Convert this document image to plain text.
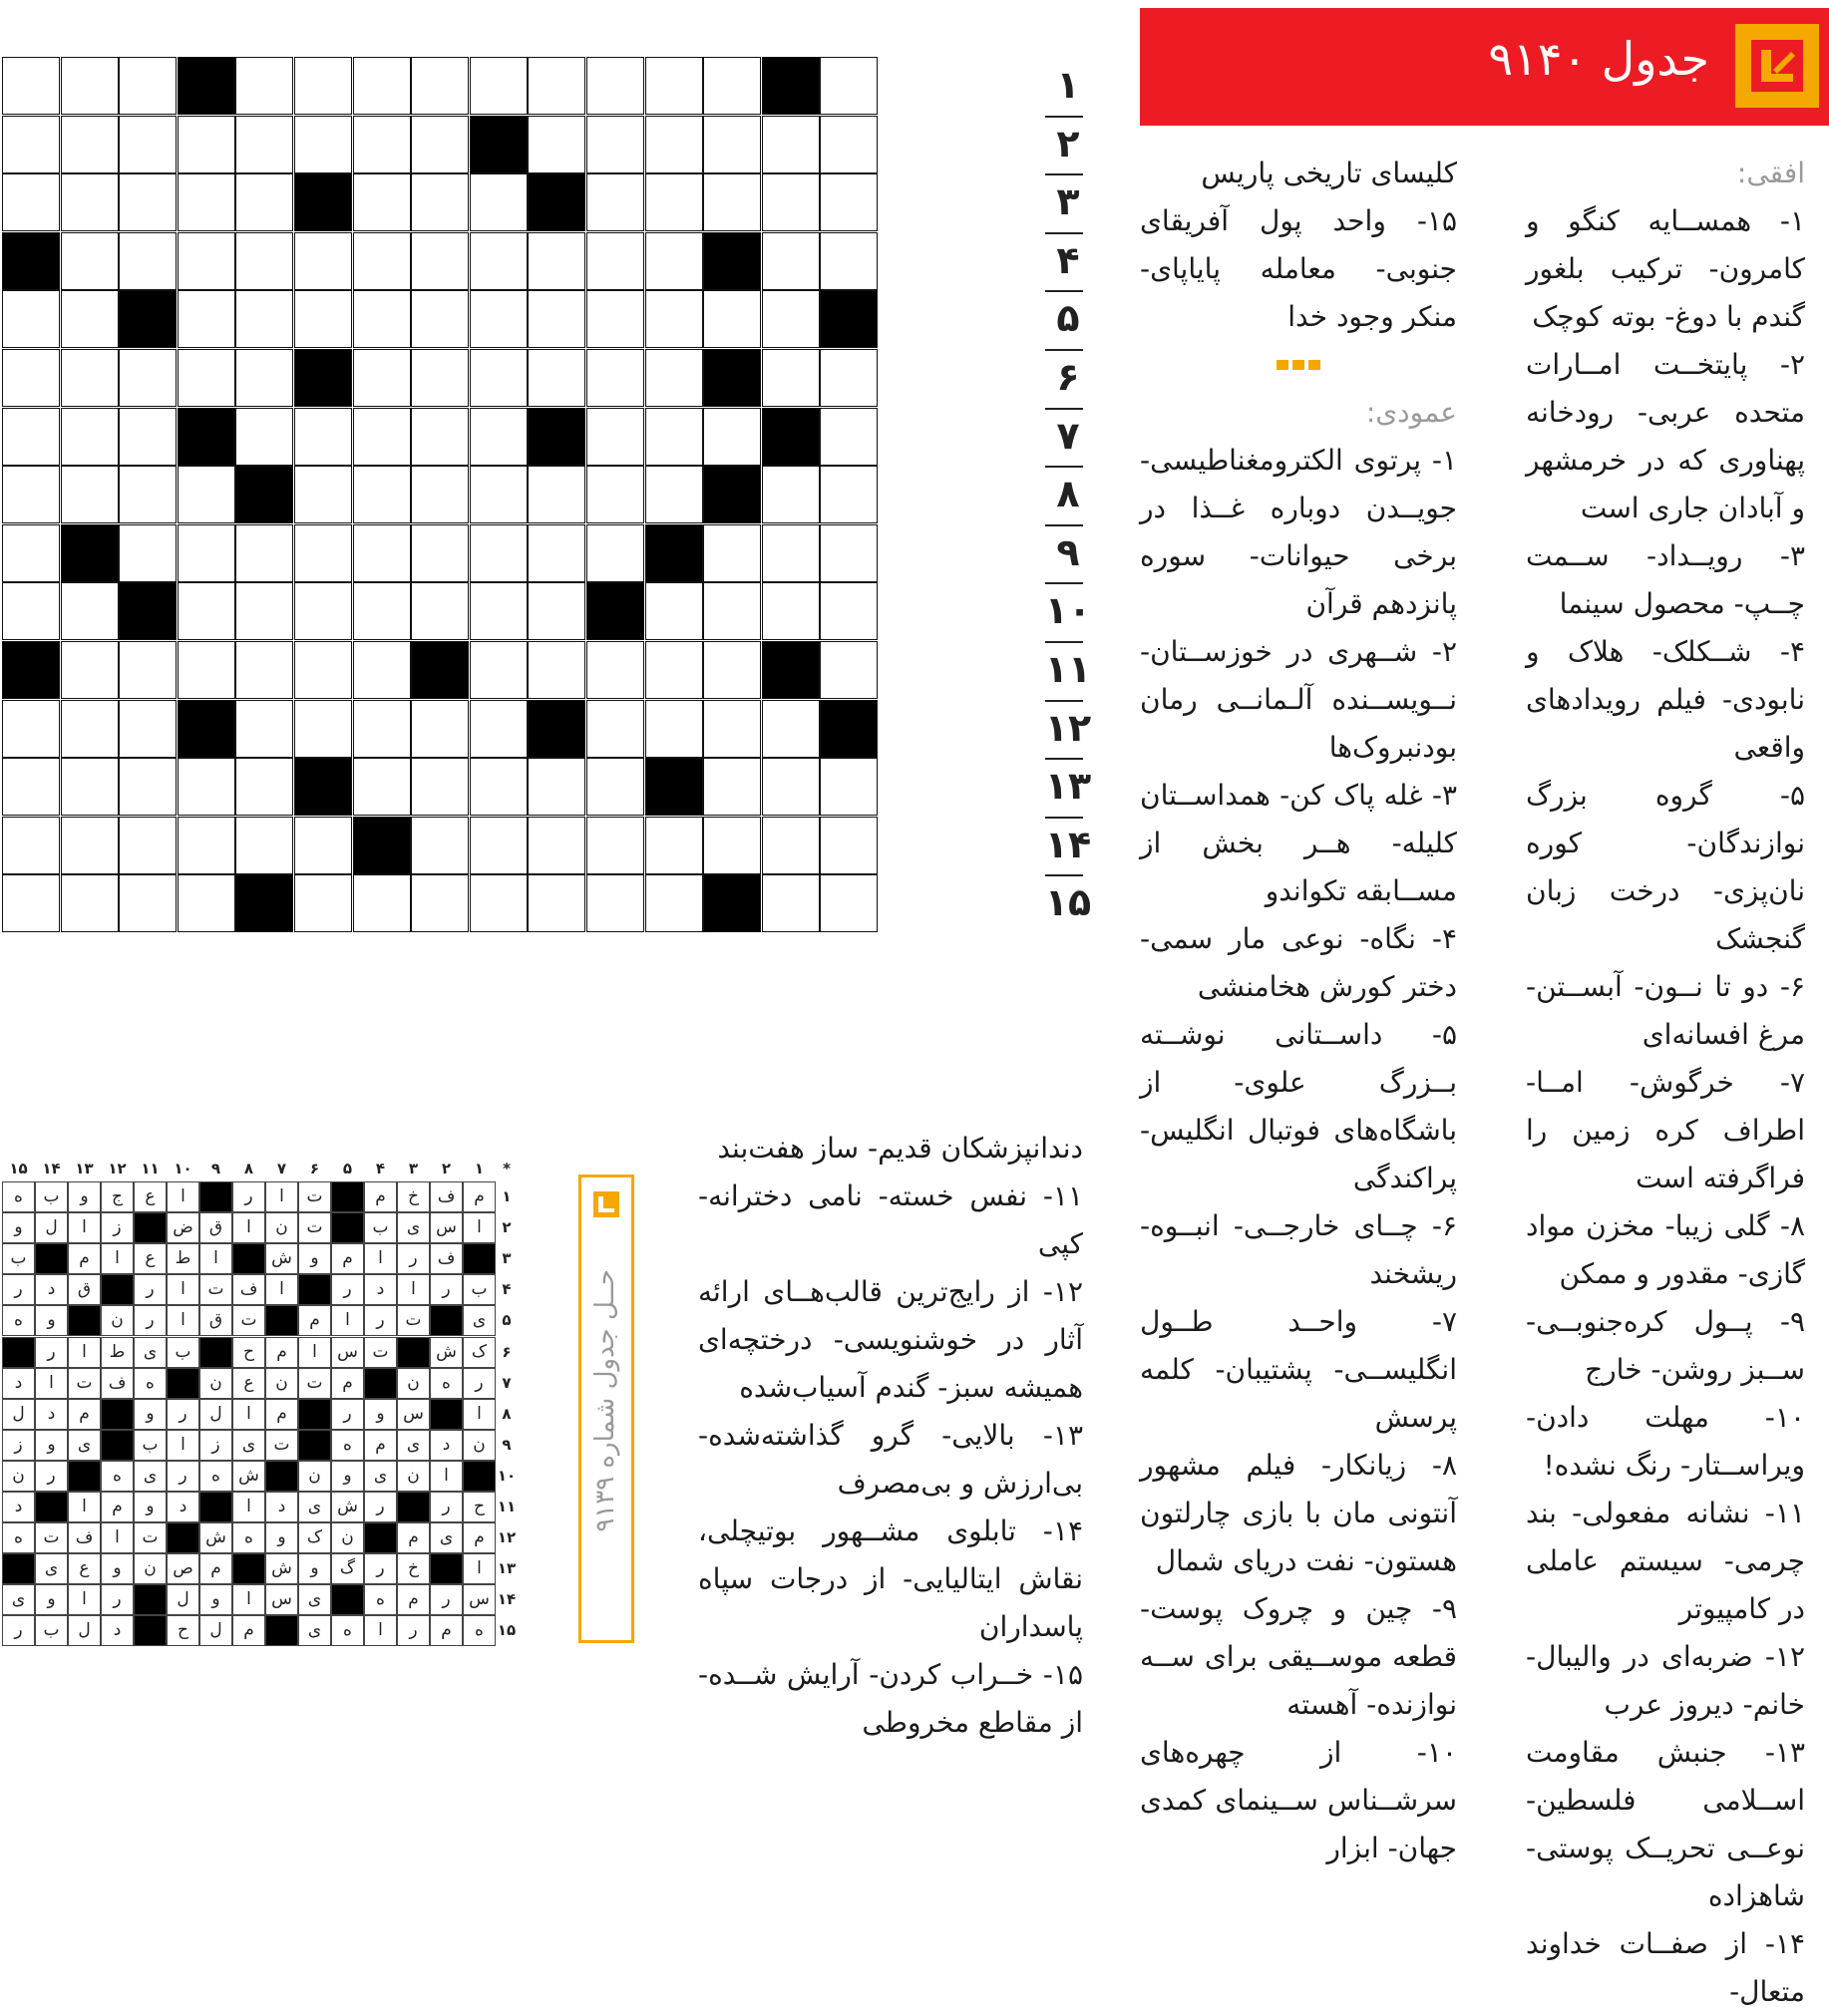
۱
۲
۳
۴
۵
۶
۷
۸
۹
۱۰
۱۱
۱۲
۱۳
۱۴
۱۵
جدول ۹۱۴۰

افقی:

۱- همســایه کنگو و کامرون- ترکیب بلغور گندم با دوغ- بوته کوچک

۲- پایتخــت امــارات متحده عربی- رودخانه پهناوری که در خرمشهر و آبادان جاری است

۳- رویــداد- ســمت چــپ- محصول سینما

۴- شــکلک- هلاک و نابودی- فیلم رویدادهای واقعی

۵- گروه بزرگ نوازندگان- کوره نان‌پزی- درخت زبان گنجشک

۶- دو تا نــون- آبســتن- مرغ افسانه‌ای

۷- خرگوش- امــا- اطراف کره زمین را فراگرفته است

۸- گلی زیبا- مخزن مواد گازی- مقدور و ممکن

۹- پــول کره‌جنوبــی- ســبز روشن- خارج

۱۰- مهلت دادن- ویراســتار- رنگ نشده!

۱۱- نشانه مفعولی- بند چرمی- سیستم عاملی در کامپیوتر

۱۲- ضربه‌ای در والیبال- خانم- دیروز عرب

۱۳- جنبش مقاومت اســلامی فلسطین- نوعــی تحریــک پوستی- شاهزاده

۱۴- از صفــات خداوند متعال-

کلیسای تاریخی پاریس

۱۵- واحد پول آفریقای جنوبی- معامله پایاپای- منکر وجود خدا

عمودی:

۱- پرتوی الکترومغناطیسی- جویــدن دوباره غــذا در برخی حیوانات- سوره پانزدهم قرآن

۲- شــهری در خوزســتان- نــویســنده آلـمانــی رمان بودنبروک‌ها

۳- غله پاک کن- همداســتان کلیله- هــر بخش از مســابقه تکواندو

۴- نگاه- نوعی مار سمی- دختر کورش هخامنشی

۵- داســتانی نوشــته بــزرگ علوی- از باشگاه‌های فوتبال انگلیس- پراکندگی

۶- چــای خارجــی- انبــوه- ریشخند

۷- واحــد طــول انگلیســی- پشتیبان- کلمه پرسش

۸- زیانکار- فیلم مشهور آنتونی مان با بازی چارلتون هستون- نفت دریای شمال

۹- چین و چروک پوست- قطعه موســیقی برای ســه نوازنده- آهسته

۱۰- از چهره‌های سرشــناس ســینمای کمدی جهان- ابزار

دندانپزشکان قدیم- ساز هفت‌بند

۱۱- نفس خسته- نامی دخترانه- کپی

۱۲- از رایج‌ترین قالب‌هــای ارائه آثار در خوشنویسی- درختچه‌ای همیشه سبز- گندم آسیاب‌شده

۱۳- بالایی- گرو گذاشته‌شده- بی‌ارزش و بی‌مصرف

۱۴- تابلوی مشــهور بوتیچلی، نقاش ایتالیایی- از درجات سپاه پاسداران

۱۵- خــراب کردن- آرایش شــده- از مقاطع مخروطی

حــل جدول شماره ۹۱۳۹
۱
۲
۳
۴
۵
۶
۷
۸
۹
۱۰
۱۱
۱۲
۱۳
۱۴
۱۵	*
۱
م
ف
خ
م
ت
ا
ر
ا
ع
ج
و
ب
ه
۲
ا
س
ی
ب
ت
ن
ا
ق
ض
ز
ا
ل
و
۳
ف
ر
ا
م
و
ش
ا
ط
ع
ا
م
ب
۴
ب
ر
ا
د
ر
ا
ف
ت
ا
ر
ق
د
ر
۵
ی
ت
ر
ا
م
ت
ق
ا
ر
ن
و
ه
۶
ک
ش
ت
س
ا
م
ح
ب
ی
ط
ا
ر
۷
ر
ه
ن
م
ت
ن
ع
ن
ه
ف
ت
ا
د
۸
ا
س
و
ر
م
ا
ل
ر
و
م
د
ل
۹
ن
د
ی
م
ه
ت
ی
ز
ا
ب
ی
و
ز
۱۰
ا
ن
ی
و
ن
ش
ه
ر
ی
ه
ر
ن
۱۱
ح
ر
ر
ش
ی
د
ا
د
و
م
ا
د
۱۲
م
ی
م
ن
ک
و
ه
ش
ت
ا
ف
ت
ه
۱۳
ا
خ
ر
گ
و
ش
م
ص
ن
و
ع
ی
۱۴
س
ر
م
ه
ی
س
ا
و
ل
ر
ا
و
ی
۱۵
ه
م
ر
ا
ه
ی
م
ل
ح
د
ل
ب
ر
